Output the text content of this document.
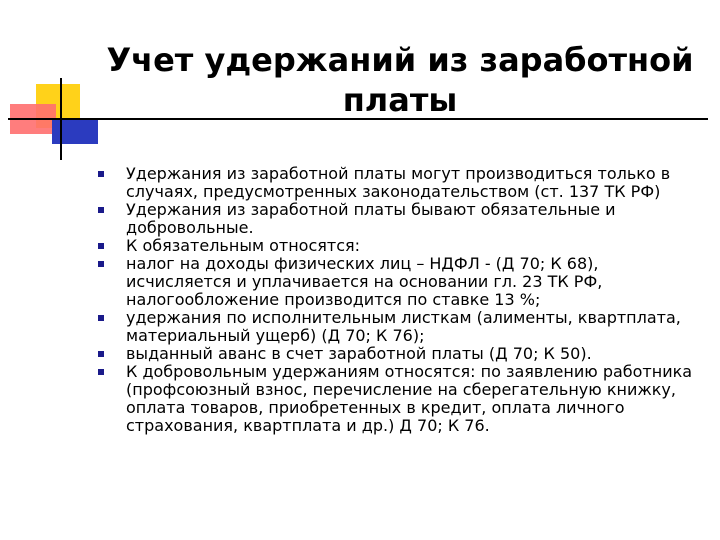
Учет удержаний из заработной
платы
Удержания из заработной платы могут производиться только в случаях, предусмотренных законодательством (ст. 137 ТК РФ)
Удержания из заработной платы бывают обязательные и добровольные.
К обязательным относятся:
налог на доходы физических лиц – НДФЛ - (Д 70; К 68), исчисляется и уплачивается на основании гл. 23 ТК РФ, налогообложение производится по ставке 13 %;
удержания по исполнительным листкам (алименты, квартплата, материальный ущерб) (Д 70; К 76);
выданный аванс в счет заработной платы (Д 70; К 50).
К добровольным удержаниям относятся: по заявлению работника (профсоюзный взнос, перечисление на сберегательную книжку, оплата товаров, приобретенных в кредит, оплата личного страхования, квартплата и др.) Д 70; К 76.
